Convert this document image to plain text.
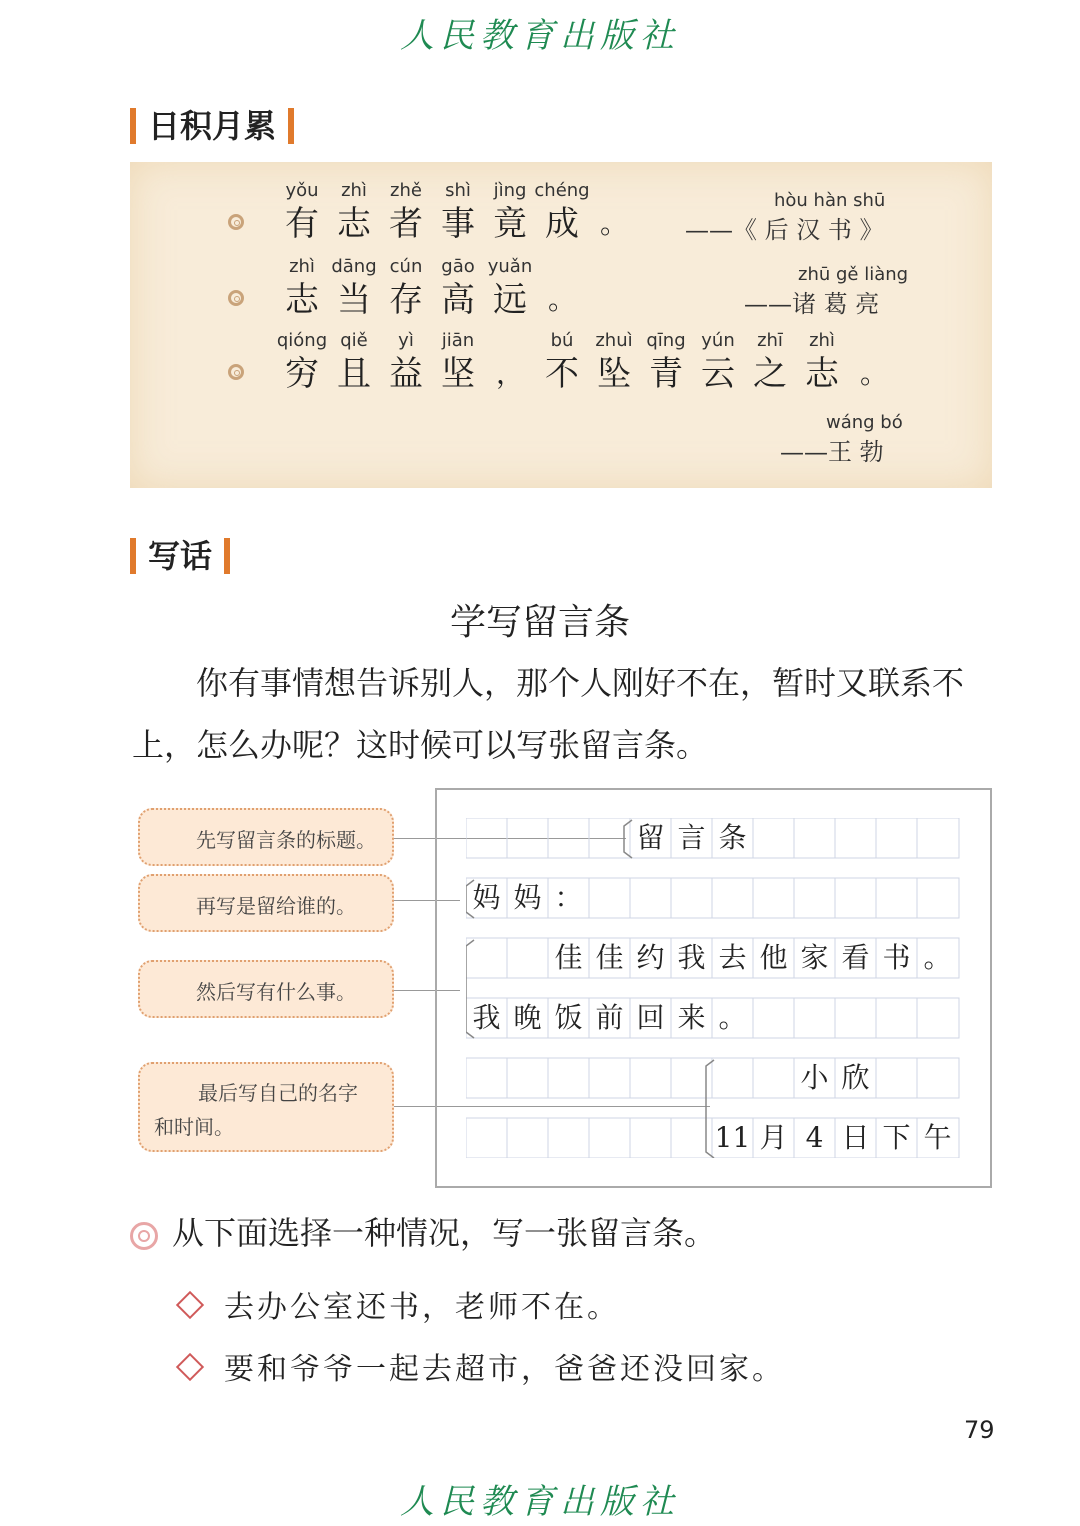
人民教育出版社
人民教育出版社
日积月累
yǒu
有
zhì
志
zhě
者
shì
事
jìng
竟
chéng
成 。
hòu hàn shū
——《 后 汉 书 》
zhì
志
dāng
当
cún
存
gāo
高
yuǎn
远 。
zhū gě liàng
——诸 葛 亮
qióng
穷
qiě
且
yì
益
jiān
坚 ，
bú
不
zhuì
坠
qīng
青
yún
云
zhī
之
zhì
志 。
wáng bó
——王 勃
写话
学写留言条
你有事情想告诉别人，那个人刚好不在，暂时又联系不上，怎么办呢？这时候可以写张留言条。
先写留言条的标题。
再写是留给谁的。
然后写有什么事。
最后写自己的名字
和时间。
留 言 条
妈 妈 ：
佳 佳 约 我 去 他 家 看 书 。
我 晚 饭 前 回 来 。
小 欣
11 月 4 日 下 午
从下面选择一种情况，写一张留言条。
去办公室还书，老师不在。
要和爷爷一起去超市，爸爸还没回家。
79
